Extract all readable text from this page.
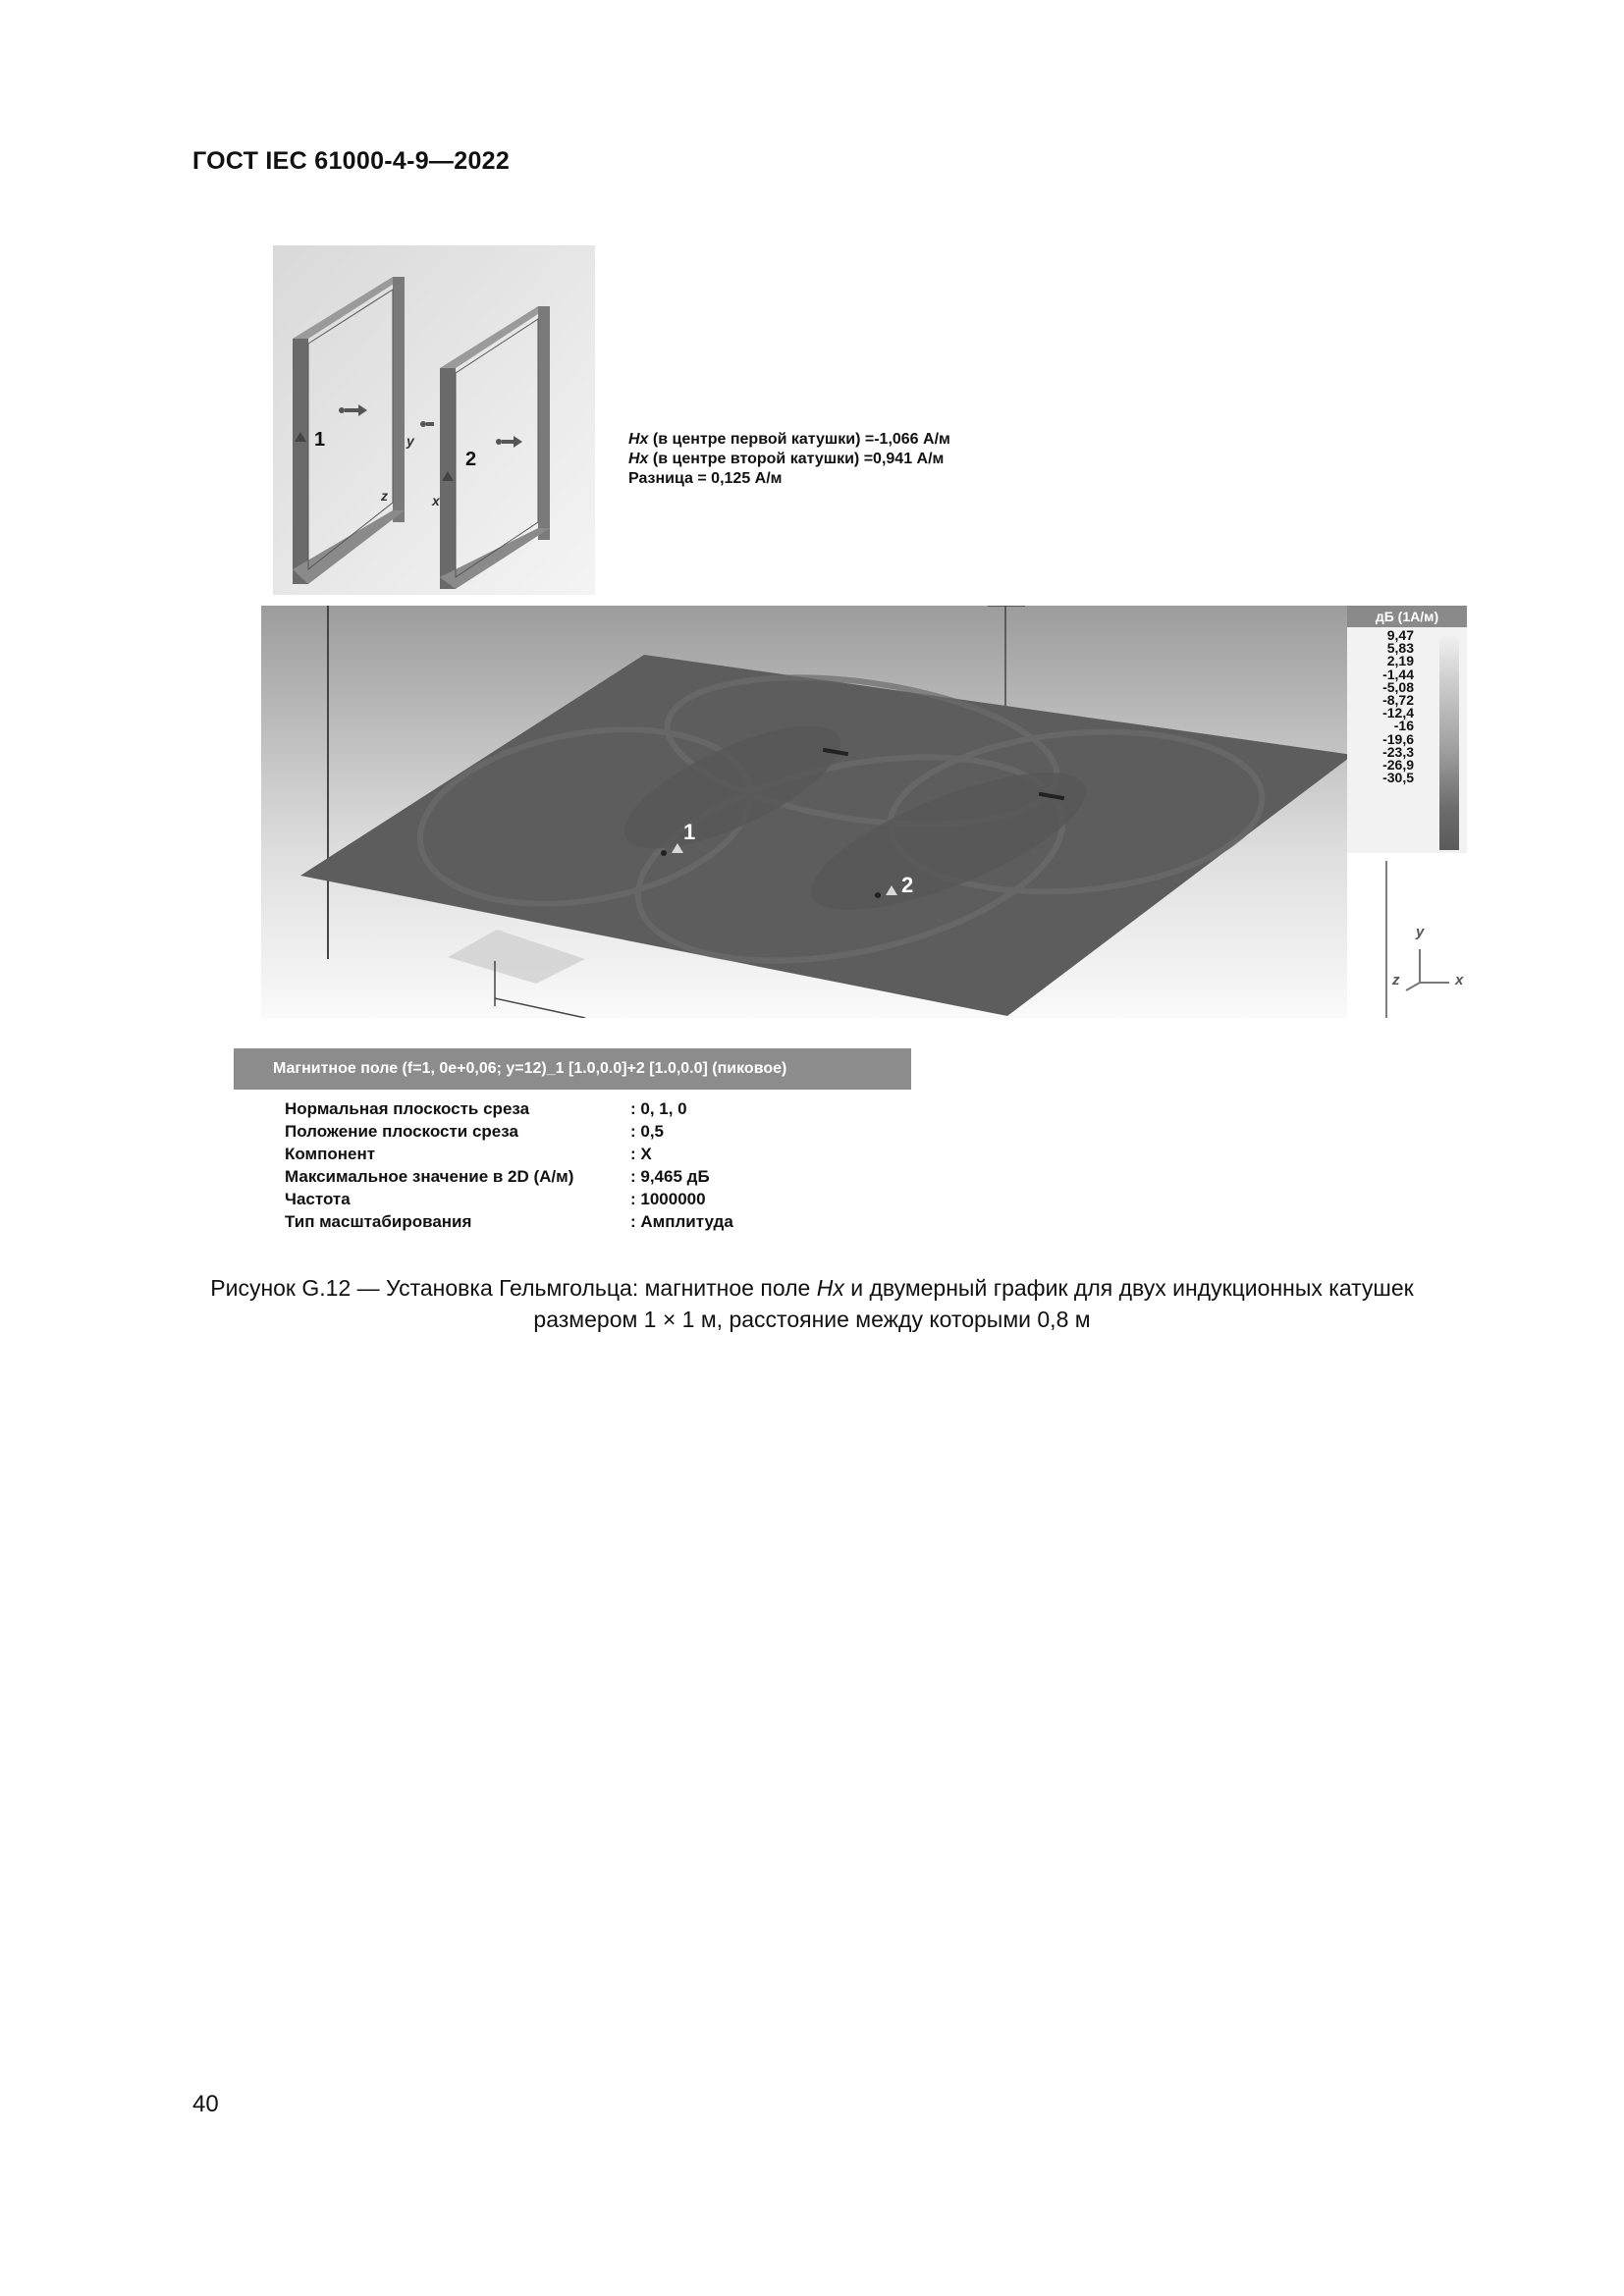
ГОСТ IEC 61000-4-9—2022
1
2
y
z	x
Hx (в центре первой катушки) =-1,066 А/м
Hx (в центре второй катушки) =0,941 А/м
Разница = 0,125 А/м
1
2
y
z	x
дБ (1А/м)
9,47
5,83
2,19
-1,44
-5,08
-8,72
-12,4
-16
-19,6
-23,3
-26,9
-30,5
Магнитное поле (f=1, 0e+0,06; y=12)_1 [1.0,0.0]+2 [1.0,0.0] (пиковое)
Нормальная плоскость среза	: 0, 1, 0
Положение плоскости среза	: 0,5
Компонент	: X
Максимальное значение в 2D (А/м)	: 9,465 дБ
Частота	: 1000000
Тип масштабирования	: Амплитуда
Рисунок G.12 — Установка Гельмгольца: магнитное поле Hx и двумерный график для двух индукционных катушек
размером 1 × 1 м, расстояние между которыми 0,8 м
40
